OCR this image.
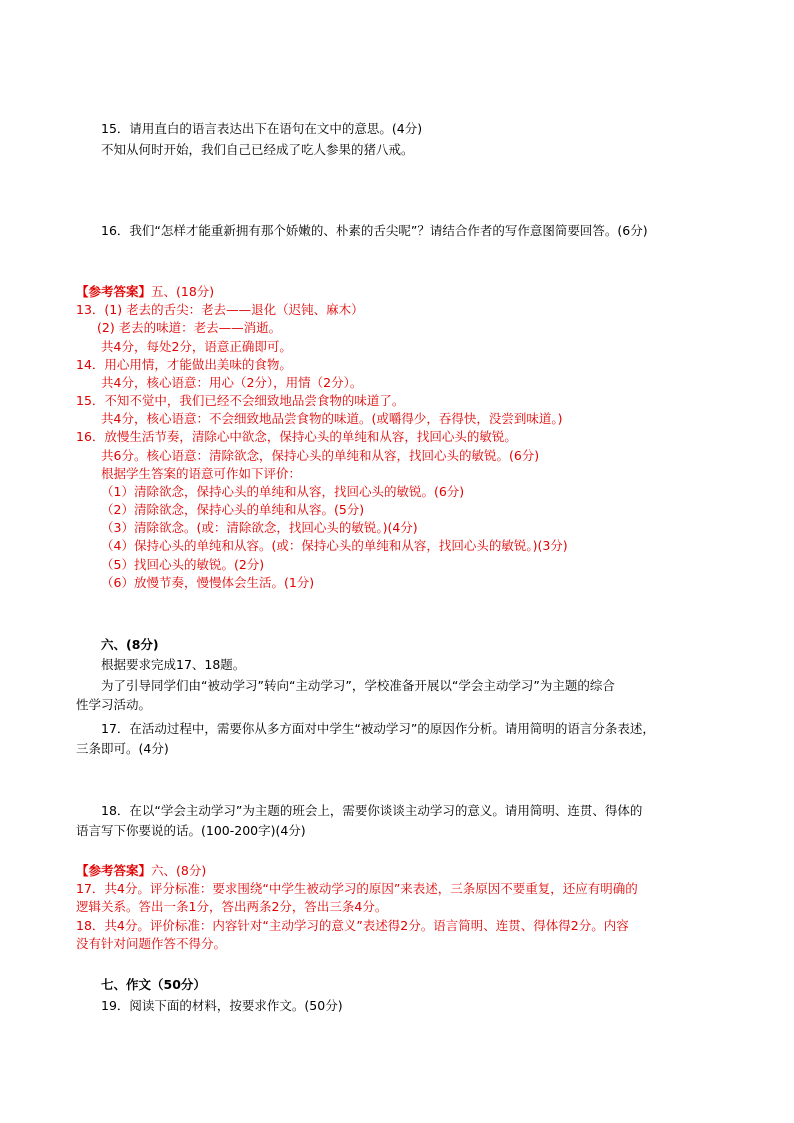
15．请用直白的语言表达出下在语句在文中的意思。(4分)
不知从何时开始，我们自己已经成了吃人参果的猪八戒。
16．我们“怎样才能重新拥有那个娇嫩的、朴素的舌尖呢”？请结合作者的写作意图简要回答。(6分)
【参考答案】五、(18分)
13．(1) 老去的舌尖：老去——退化（迟钝、麻木）
(2) 老去的味道：老去——消逝。
共4分，每处2分，语意正确即可。
14．用心用情，才能做出美味的食物。
共4分，核心语意：用心（2分），用情（2分）。
15．不知不觉中，我们已经不会细致地品尝食物的味道了。
共4分，核心语意：不会细致地品尝食物的味道。(或嚼得少，吞得快，没尝到味道。)
16．放慢生活节奏，清除心中欲念，保持心头的单纯和从容，找回心头的敏锐。
共6分。核心语意：清除欲念，保持心头的单纯和从容，找回心头的敏锐。(6分)
根据学生答案的语意可作如下评价：
（1）清除欲念，保持心头的单纯和从容，找回心头的敏锐。(6分)
（2）清除欲念，保持心头的单纯和从容。(5分)
（3）清除欲念。(或：清除欲念，找回心头的敏锐。)(4分)
（4）保持心头的单纯和从容。(或：保持心头的单纯和从容，找回心头的敏锐。)(3分)
（5）找回心头的敏锐。(2分)
（6）放慢节奏，慢慢体会生活。(1分)
六、(8分)
根据要求完成17、18题。
为了引导同学们由“被动学习”转向“主动学习”，学校准备开展以“学会主动学习”为主题的综合
性学习活动。
17．在活动过程中，需要你从多方面对中学生“被动学习”的原因作分析。请用简明的语言分条表述，
三条即可。(4分)
18．在以“学会主动学习”为主题的班会上，需要你谈谈主动学习的意义。请用简明、连贯、得体的
语言写下你要说的话。(100-200字)(4分)
【参考答案】六、(8分)
17．共4分。评分标准：要求围绕“中学生被动学习的原因”来表述，三条原因不要重复，还应有明确的
逻辑关系。答出一条1分，答出两条2分，答出三条4分。
18．共4分。评价标准：内容针对“主动学习的意义”表述得2分。语言简明、连贯、得体得2分。内容
没有针对问题作答不得分。
七、作文（50分）
19．阅读下面的材料，按要求作文。(50分)
